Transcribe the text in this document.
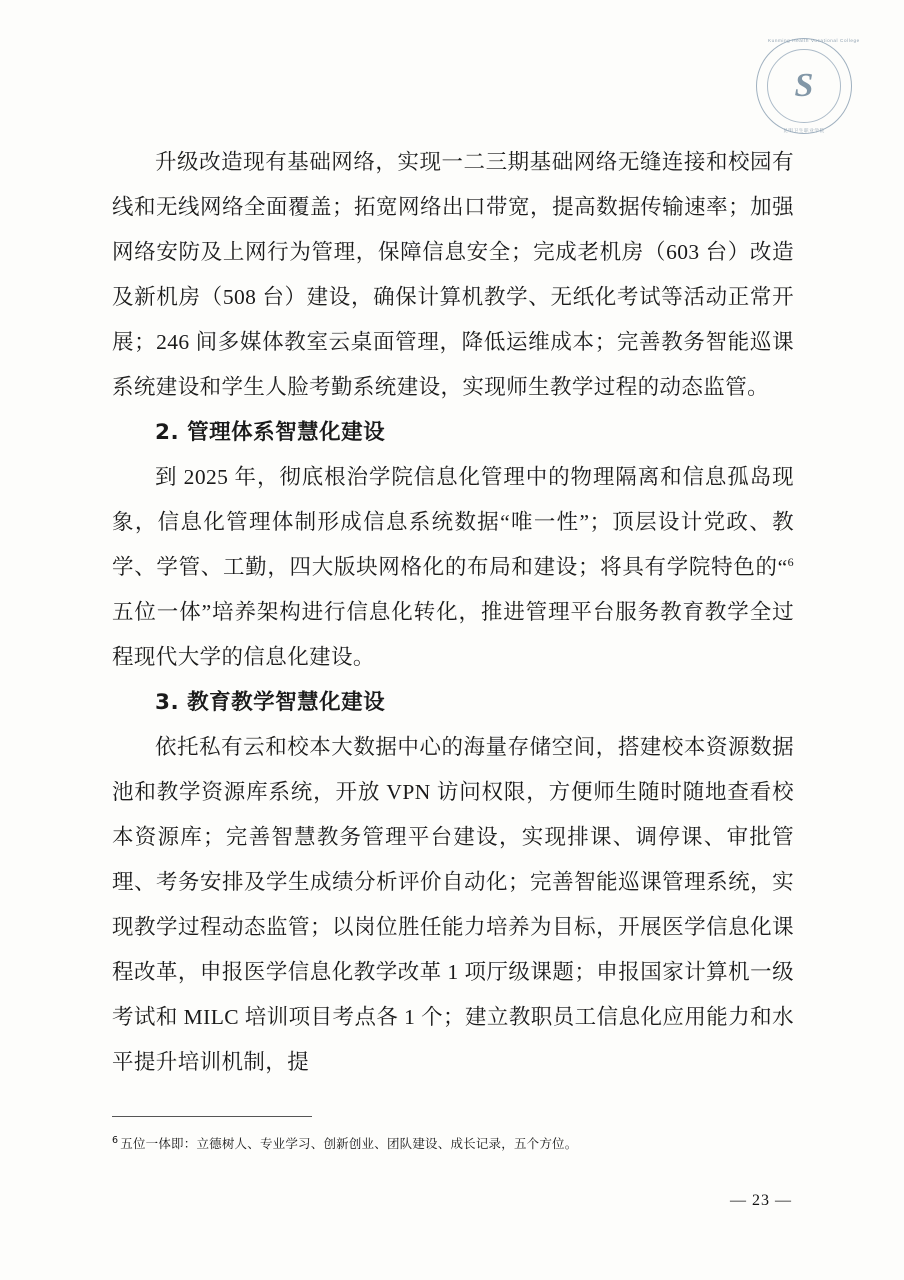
Kunming Health Vocational College
S
昆明卫生职业学院

升级改造现有基础网络，实现一二三期基础网络无缝连接和校园有线和无线网络全面覆盖；拓宽网络出口带宽，提高数据传输速率；加强网络安防及上网行为管理，保障信息安全；完成老机房（603 台）改造及新机房（508 台）建设，确保计算机教学、无纸化考试等活动正常开展；246 间多媒体教室云桌面管理，降低运维成本；完善教务智能巡课系统建设和学生人脸考勤系统建设，实现师生教学过程的动态监管。

2. 管理体系智慧化建设

到 2025 年，彻底根治学院信息化管理中的物理隔离和信息孤岛现象，信息化管理体制形成信息系统数据“唯一性”；顶层设计党政、教学、学管、工勤，四大版块网格化的布局和建设；将具有学院特色的“$^6$五位一体”培养架构进行信息化转化，推进管理平台服务教育教学全过程现代大学的信息化建设。

3. 教育教学智慧化建设

依托私有云和校本大数据中心的海量存储空间，搭建校本资源数据池和教学资源库系统，开放 VPN 访问权限，方便师生随时随地查看校本资源库；完善智慧教务管理平台建设，实现排课、调停课、审批管理、考务安排及学生成绩分析评价自动化；完善智能巡课管理系统，实现教学过程动态监管；以岗位胜任能力培养为目标，开展医学信息化课程改革，申报医学信息化教学改革 1 项厅级课题；申报国家计算机一级考试和 MILC 培训项目考点各 1 个；建立教职员工信息化应用能力和水平提升培训机制，提

$^6$ 五位一体即：立德树人、专业学习、创新创业、团队建设、成长记录，五个方位。
— 23 —
